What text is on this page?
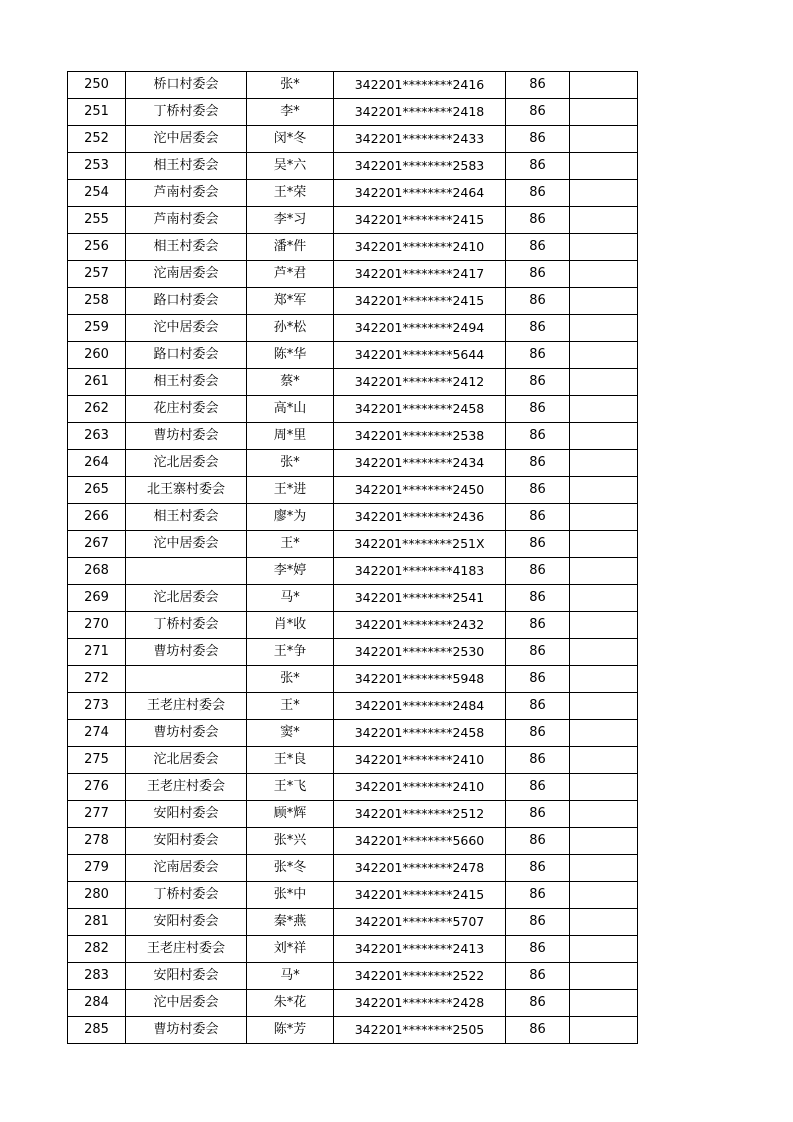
250	桥口村委会	张*	342201********2416	86	
251	丁桥村委会	李*	342201********2418	86	
252	沱中居委会	闵*冬	342201********2433	86	
253	相王村委会	吴*六	342201********2583	86	
254	芦南村委会	王*荣	342201********2464	86	
255	芦南村委会	李*习	342201********2415	86	
256	相王村委会	潘*件	342201********2410	86	
257	沱南居委会	芦*君	342201********2417	86	
258	路口村委会	郑*军	342201********2415	86	
259	沱中居委会	孙*松	342201********2494	86	
260	路口村委会	陈*华	342201********5644	86	
261	相王村委会	蔡*	342201********2412	86	
262	花庄村委会	高*山	342201********2458	86	
263	曹坊村委会	周*里	342201********2538	86	
264	沱北居委会	张*	342201********2434	86	
265	北王寨村委会	王*进	342201********2450	86	
266	相王村委会	廖*为	342201********2436	86	
267	沱中居委会	王*	342201********251X	86	
268		李*婷	342201********4183	86	
269	沱北居委会	马*	342201********2541	86	
270	丁桥村委会	肖*收	342201********2432	86	
271	曹坊村委会	王*争	342201********2530	86	
272		张*	342201********5948	86	
273	王老庄村委会	王*	342201********2484	86	
274	曹坊村委会	窦*	342201********2458	86	
275	沱北居委会	王*良	342201********2410	86	
276	王老庄村委会	王*飞	342201********2410	86	
277	安阳村委会	顾*辉	342201********2512	86	
278	安阳村委会	张*兴	342201********5660	86	
279	沱南居委会	张*冬	342201********2478	86	
280	丁桥村委会	张*中	342201********2415	86	
281	安阳村委会	秦*燕	342201********5707	86	
282	王老庄村委会	刘*祥	342201********2413	86	
283	安阳村委会	马*	342201********2522	86	
284	沱中居委会	朱*花	342201********2428	86	
285	曹坊村委会	陈*芳	342201********2505	86	
